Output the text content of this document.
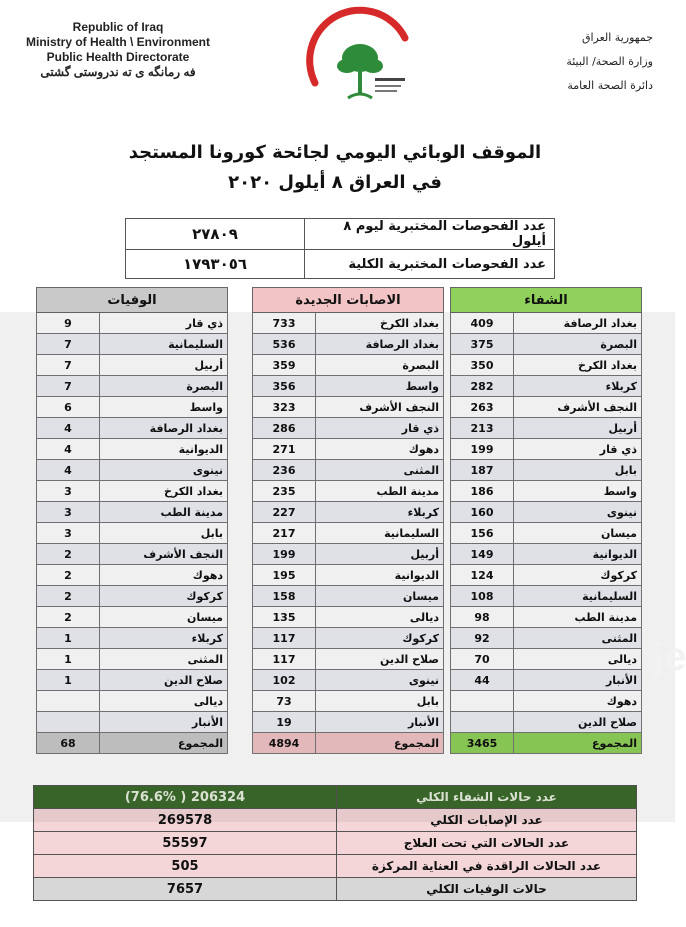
Republic of Iraq
Ministry of Health \ Environment
Public Health Directorate
فه رمانگه ی ته ندروستی گشتی
جمهورية العراق
وزارة الصحة/ البيئة
دائرة الصحة العامة
الموقف الوبائي اليومي لجائحة كورونا المستجد
في العراق ٨ أيلول ٢٠٢٠
عدد الفحوصات المختبرية ليوم ٨ أيلول	٢٧٨٠٩
عدد الفحوصات المختبرية الكلية	١٧٩٣٠٥٦
الشفاء	
بغداد الرصافة	409
البصرة	375
بغداد الكرخ	350
كربلاء	282
النجف الأشرف	263
أربيل	213
ذي قار	199
بابل	187
واسط	186
نينوى	160
ميسان	156
الديوانية	149
كركوك	124
السليمانية	108
مدينة الطب	98
المثنى	92
ديالى	70
الأنبار	44
دهوك	
صلاح الدين	
المجموع	3465
الاصابات الجديدة	
بغداد الكرخ	733
بغداد الرصافة	536
البصرة	359
واسط	356
النجف الأشرف	323
ذي قار	286
دهوك	271
المثنى	236
مدينة الطب	235
كربلاء	227
السليمانية	217
أربيل	199
الديوانية	195
ميسان	158
ديالى	135
كركوك	117
صلاح الدين	117
نينوى	102
بابل	73
الأنبار	19
المجموع	4894
الوفيات	
ذي قار	9
السليمانية	7
أربيل	7
البصرة	7
واسط	6
بغداد الرصافة	4
الديوانية	4
نينوى	4
بغداد الكرخ	3
مدينة الطب	3
بابل	3
النجف الأشرف	2
دهوك	2
كركوك	2
ميسان	2
كربلاء	1
المثنى	1
صلاح الدين	1
ديالى	
الأنبار	
المجموع	68
عدد حالات الشفاء الكلي	(76.6% ) 206324
عدد الإصابات الكلي	269578
عدد الحالات التي تحت العلاج	55597
عدد الحالات الراقدة في العناية المركزة	505
حالات الوفيات الكلي	7657
je
